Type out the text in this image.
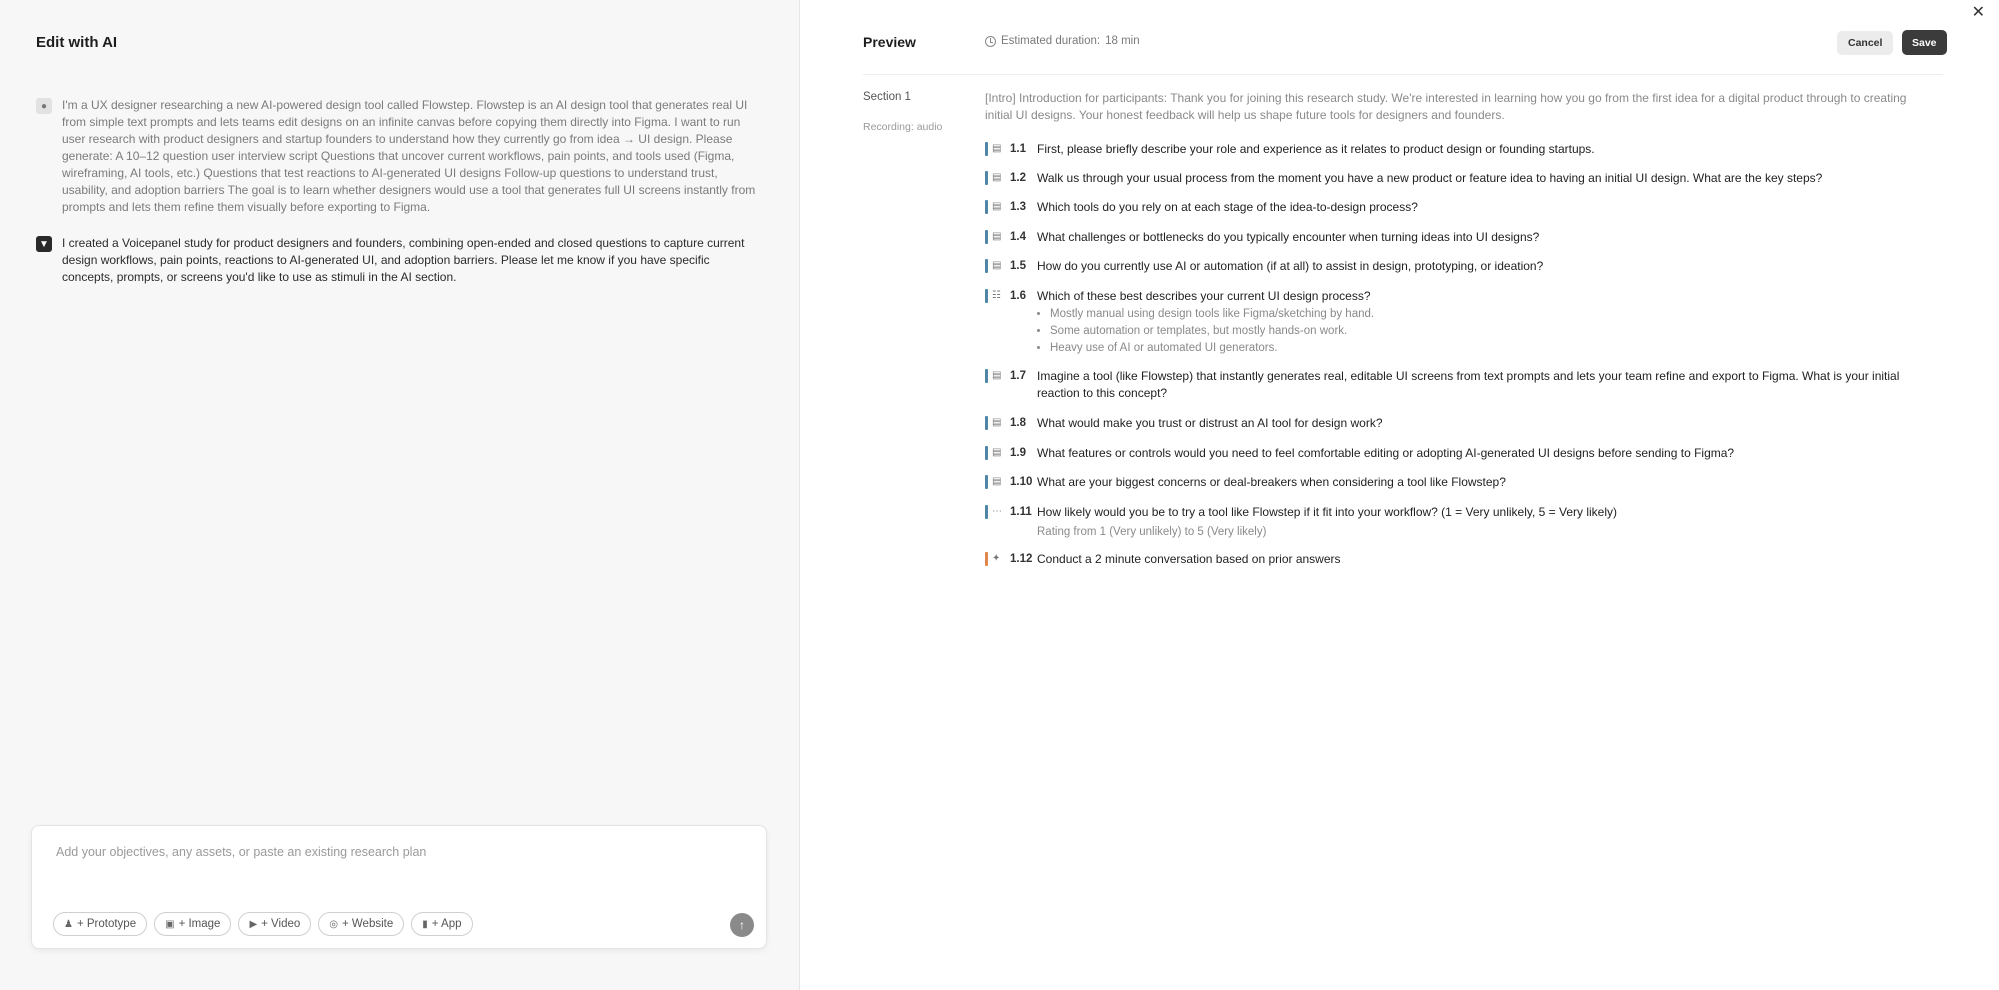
Edit with AI
●	I'm a UX designer researching a new AI-powered design tool called Flowstep. Flowstep is an AI design tool that generates real UI from simple text prompts and lets teams edit designs on an infinite canvas before copying them directly into Figma. I want to run user research with product designers and startup founders to understand how they currently go from idea → UI design. Please generate: A 10–12 question user interview script Questions that uncover current workflows, pain points, and tools used (Figma, wireframing, AI tools, etc.) Questions that test reactions to AI-generated UI designs Follow-up questions to understand trust, usability, and adoption barriers The goal is to learn whether designers would use a tool that generates full UI screens instantly from prompts and lets them refine them visually before exporting to Figma.
▼ I created a Voicepanel study for product designers and founders, combining open-ended and closed questions to capture current design workflows, pain points, reactions to AI-generated UI, and adoption barriers. Please let me know if you have specific concepts, prompts, or screens you'd like to use as stimuli in the AI section.
Add your objectives, any assets, or paste an existing research plan
♟ + Prototype	▣ + Image	▶ + Video	◎ + Website	▮ + App	↑
✕
Preview	Estimated duration: 18 min	Cancel	Save
Section 1
Recording: audio
[Intro] Introduction for participants: Thank you for joining this research study. We're interested in learning how you go from the first idea for a digital product through to creating initial UI designs. Your honest feedback will help us shape future tools for designers and founders.
▤ 1.1 First, please briefly describe your role and experience as it relates to product design or founding startups.
▤ 1.2 Walk us through your usual process from the moment you have a new product or feature idea to having an initial UI design. What are the key steps?
▤ 1.3 Which tools do you rely on at each stage of the idea-to-design process?
▤ 1.4 What challenges or bottlenecks do you typically encounter when turning ideas into UI designs?
▤ 1.5 How do you currently use AI or automation (if at all) to assist in design, prototyping, or ideation?
☷ 1.6 Which of these best describes your current UI design process?
• Mostly manual using design tools like Figma/sketching by hand.
• Some automation or templates, but mostly hands-on work.
• Heavy use of AI or automated UI generators.
▤ 1.7 Imagine a tool (like Flowstep) that instantly generates real, editable UI screens from text prompts and lets your team refine and export to Figma. What is your initial reaction to this concept?
▤ 1.8 What would make you trust or distrust an AI tool for design work?
▤ 1.9 What features or controls would you need to feel comfortable editing or adopting AI-generated UI designs before sending to Figma?
▤ 1.10 What are your biggest concerns or deal-breakers when considering a tool like Flowstep?
⋯ 1.11 How likely would you be to try a tool like Flowstep if it fit into your workflow? (1 = Very unlikely, 5 = Very likely)
Rating from 1 (Very unlikely) to 5 (Very likely)
✦ 1.12 Conduct a 2 minute conversation based on prior answers
